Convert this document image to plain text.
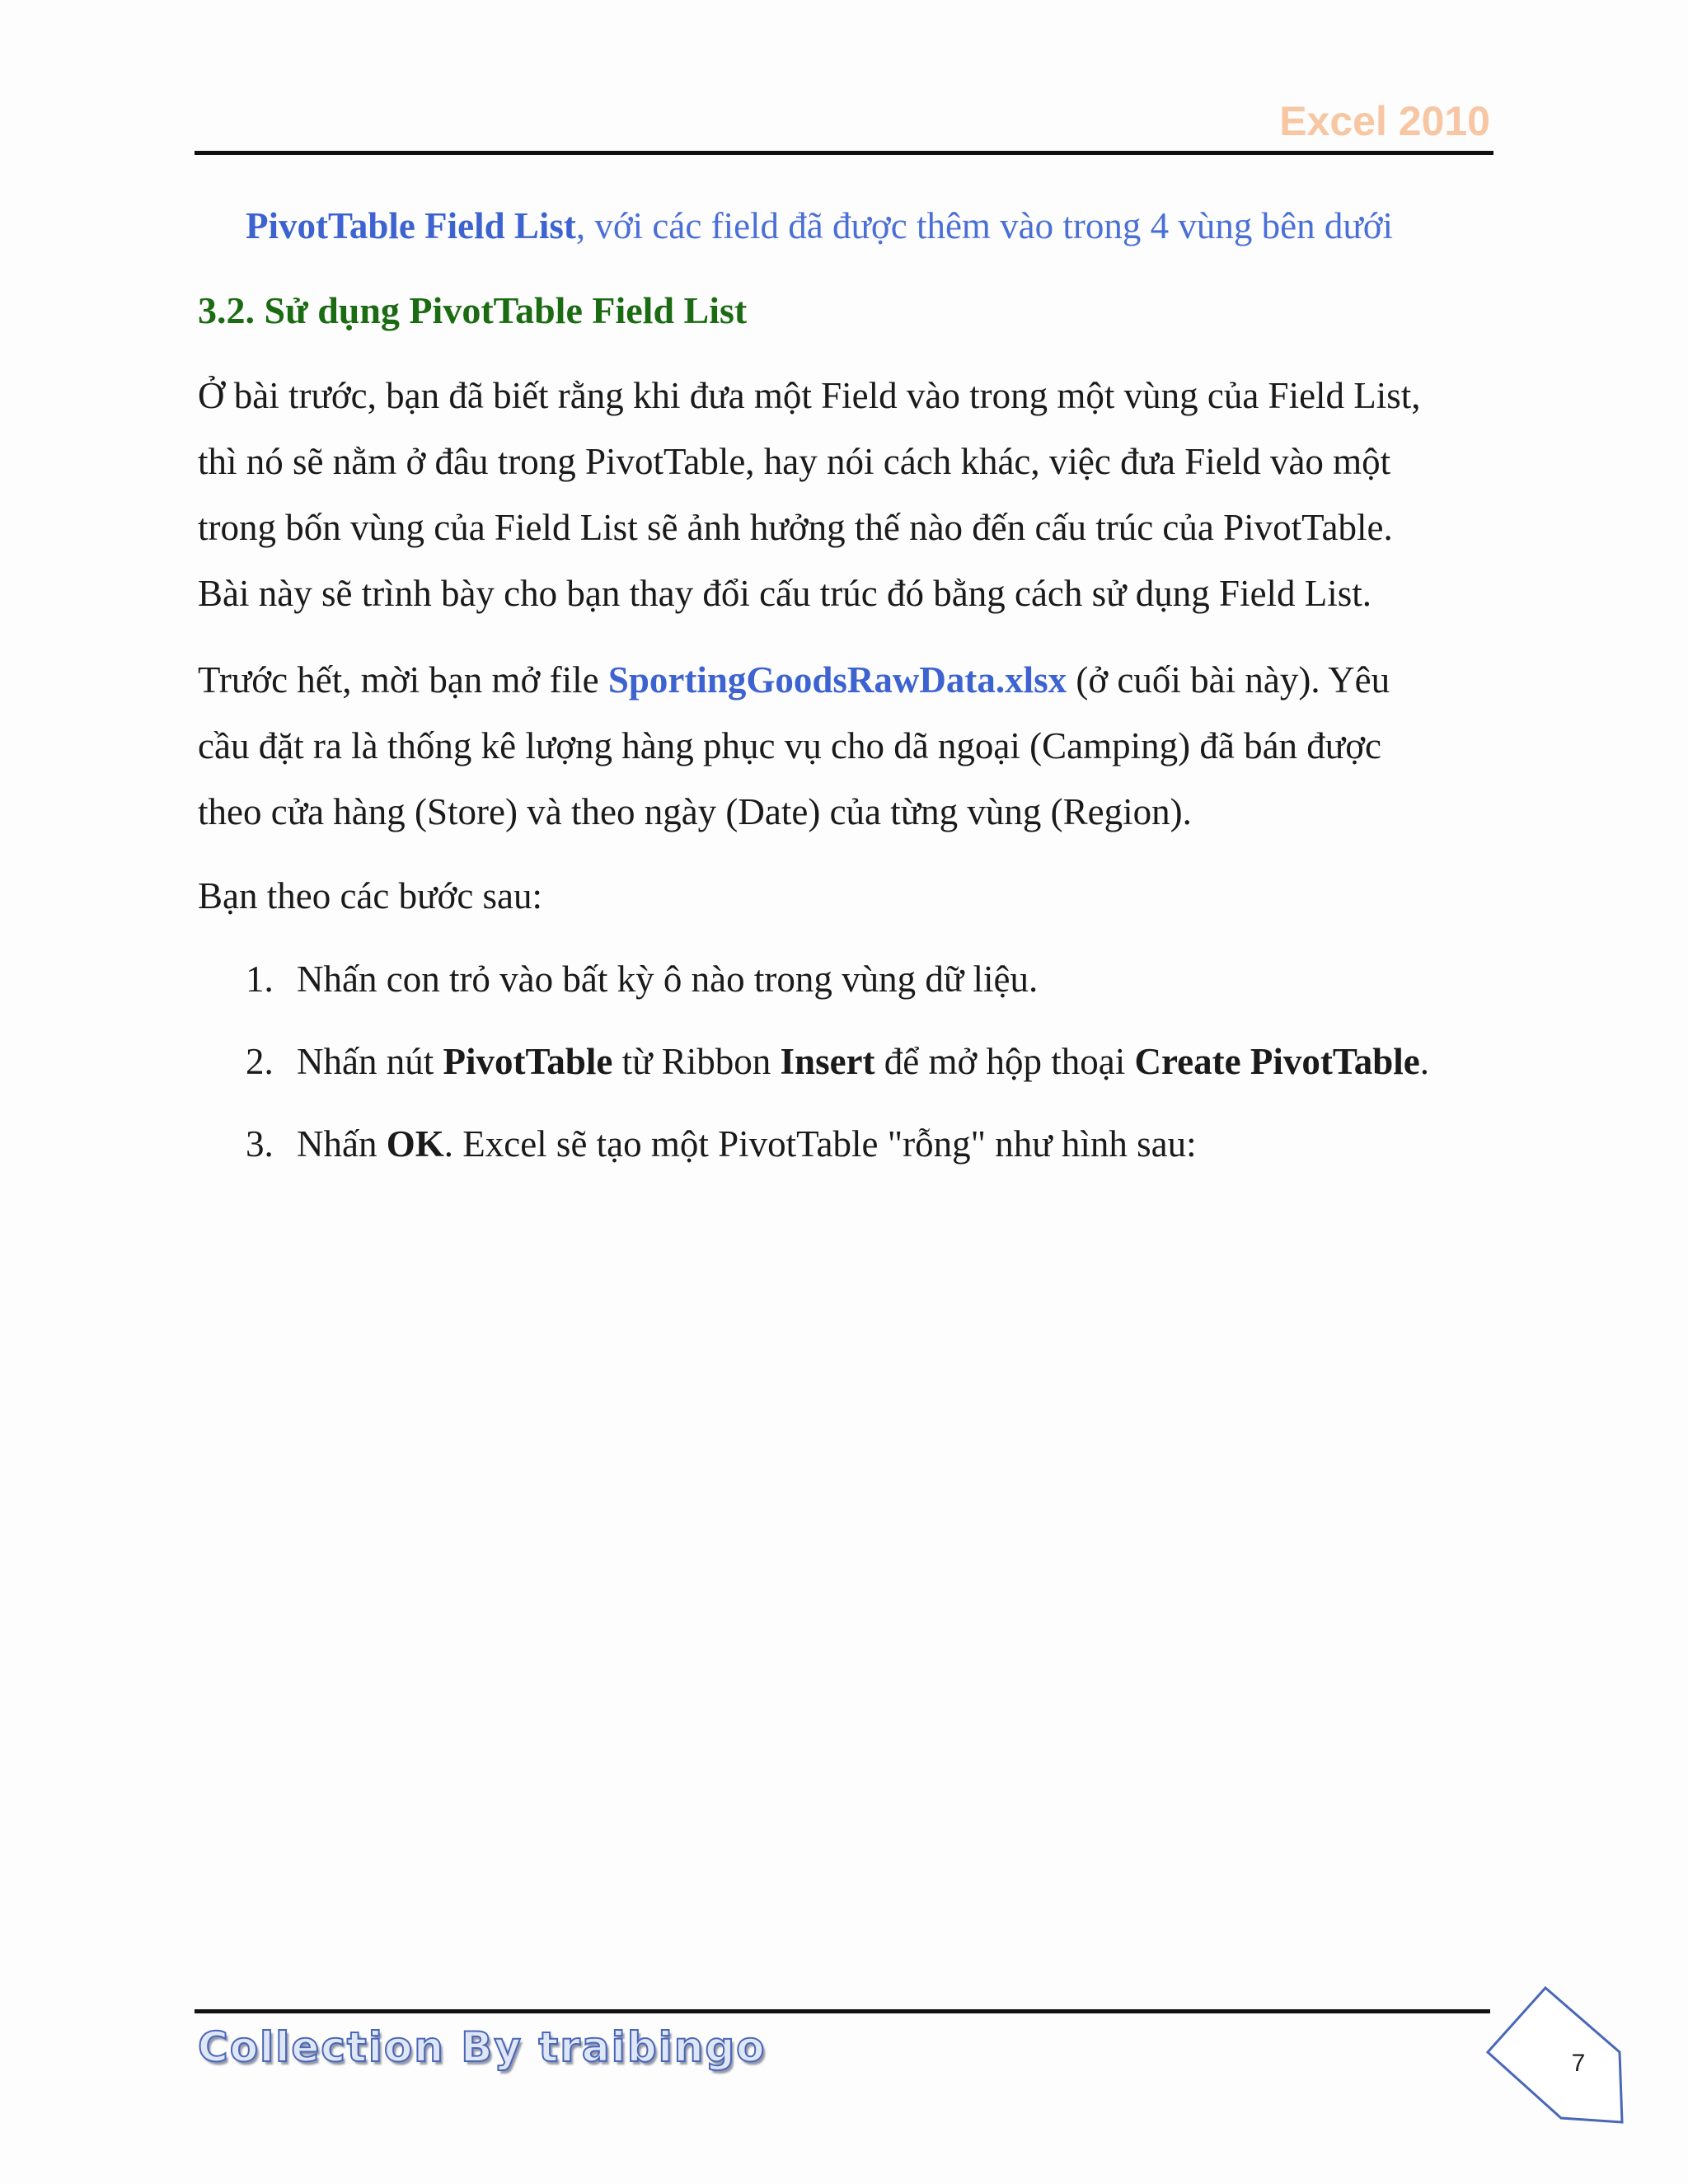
Excel 2010
PivotTable Field List, với các field đã được thêm vào trong 4 vùng bên dưới
3.2. Sử dụng PivotTable Field List
Ở bài trước, bạn đã biết rằng khi đưa một Field vào trong một vùng của Field List,
thì nó sẽ nằm ở đâu trong PivotTable, hay nói cách khác, việc đưa Field vào một
trong bốn vùng của Field List sẽ ảnh hưởng thế nào đến cấu trúc của PivotTable.
Bài này sẽ trình bày cho bạn thay đổi cấu trúc đó bằng cách sử dụng Field List.
Trước hết, mời bạn mở file SportingGoodsRawData.xlsx (ở cuối bài này). Yêu
cầu đặt ra là thống kê lượng hàng phục vụ cho dã ngoại (Camping) đã bán được
theo cửa hàng (Store) và theo ngày (Date) của từng vùng (Region).
Bạn theo các bước sau:
1. Nhấn con trỏ vào bất kỳ ô nào trong vùng dữ liệu.
2. Nhấn nút PivotTable từ Ribbon Insert để mở hộp thoại Create PivotTable.
3. Nhấn OK. Excel sẽ tạo một PivotTable "rỗng" như hình sau:
Collection By traibingo	7
